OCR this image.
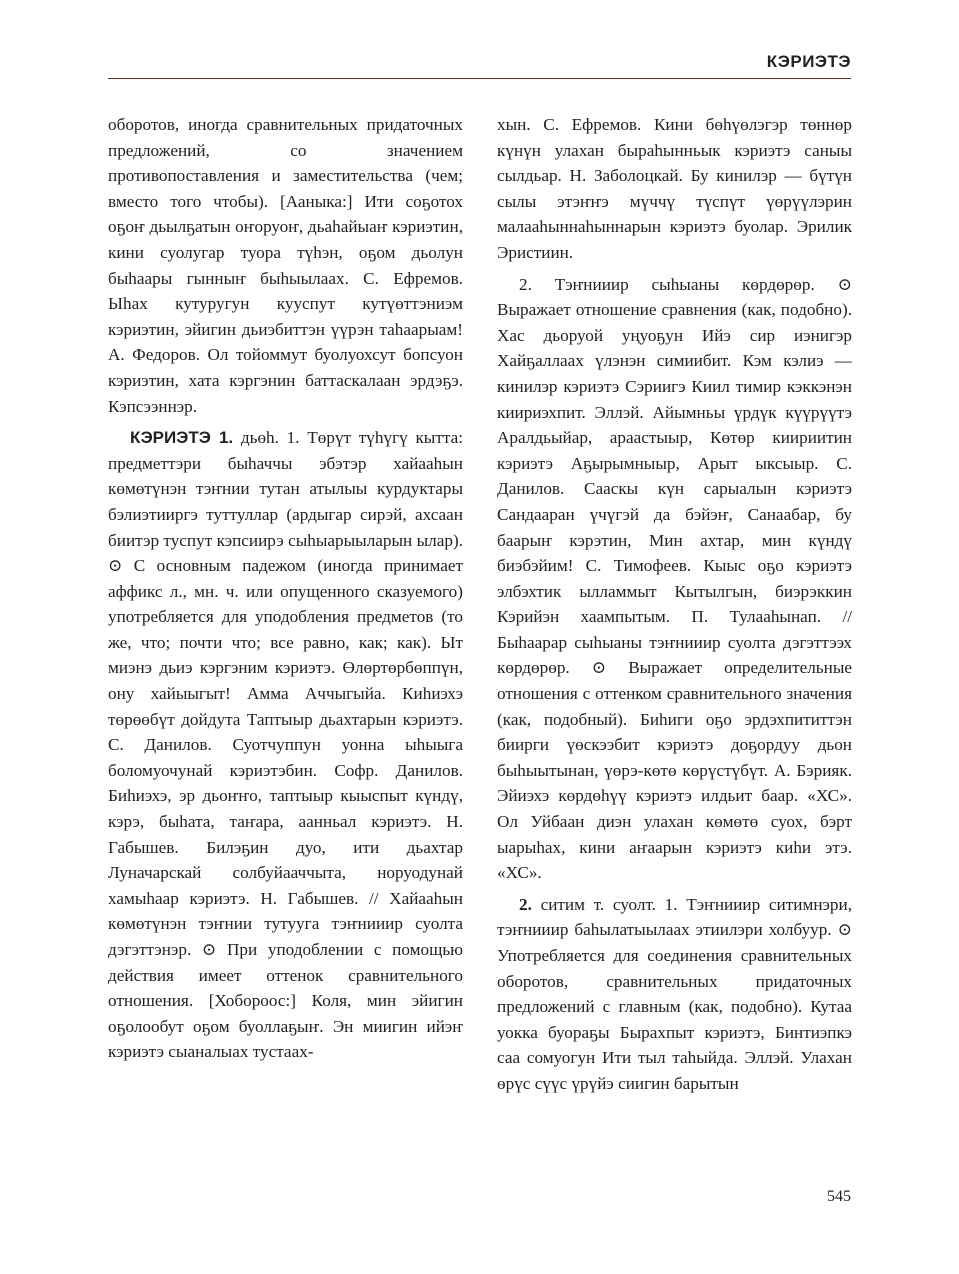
КЭРИЭТЭ

оборотов, иногда сравнительных придаточных предложений, со значением противопоставления и заместительства (чем; вместо того чтобы). [Ааныка:] Ити соҕотох оҕоҥ дьылҕатын оҥоруоҥ, дьаһайыаҥ кэриэтин, кини суолугар туора түһэн, оҕом дьолун быһаары гынныҥ быһыылаах. С. Ефремов. Ыһах кутуругун кууспут кутүөттэниэм кэриэтин, эйигин дьиэбиттэн үүрэн таһаарыам! А. Федоров. Ол тойоммут буолуохсут бопсуон кэриэтин, хата кэргэнин баттаскалаан эрдэҕэ. Кэпсээннэр.

КЭРИЭТЭ 1. дьөһ. 1. Төрүт түһүгү кытта: предметтэри быһаччы эбэтэр хайааһын көмөтүнэн тэҥнии тутан атылыы курдуктары бэлиэтииргэ туттуллар (ардыгар сирэй, ахсаан биитэр туспут кэпсиирэ сыһыарыыларын ылар). ⊙ С основным падежом (иногда принимает аффикс л., мн. ч. или опущенного сказуемого) употребляется для уподобления предметов (то же, что; почти что; все равно, как; как). Ыт миэнэ дьиэ кэргэним кэриэтэ. Өлөртөрбөппүн, ону хайыыгыт! Амма Аччыгыйа. Киһиэхэ төрөөбүт дойдута Таптыыр дьахтарын кэриэтэ. С. Данилов. Суотчуппун уонна ыһыыга боломуочунай кэриэтэбин. Софр. Данилов. Биһиэхэ, эр дьоҥҥо, таптыыр кыыспыт күндү, кэрэ, быһата, таҥара, аанньал кэриэтэ. Н. Габышев. Билэҕин дуо, ити дьахтар Луначарскай солбуйааччыта, норуодунай хамыһаар кэриэтэ. Н. Габышев. // Хайааһын көмөтүнэн тэҥнии тутууга тэҥнииир суолта дэгэттэнэр. ⊙ При уподоблении с помощью действия имеет оттенок сравнительного отношения. [Хобороос:] Коля, мин эйигин оҕолообут оҕом буоллаҕыҥ. Эн миигин ийэҥ кэриэтэ сыаналыах тустаах-

хын. С. Ефремов. Кини бөһүөлэгэр төннөр күнүн улахан быраһынньык кэриэтэ саныы сылдьар. Н. Заболоцкай. Бу кинилэр — бүтүн сылы этэҥҥэ мүччү түспүт үөрүүлэрин малааһыннаһыннарын кэриэтэ буолар. Эрилик Эристиин.

2. Тэҥнииир сыһыаны көрдөрөр. ⊙ Выражает отношение сравнения (как, подобно). Хас дьоруой уңуоҕун Ийэ сир иэнигэр Хайҕаллаах үлэнэн симиибит. Кэм кэлиэ — кинилэр кэриэтэ Сэриигэ Киил тимир кэккэнэн киириэхпит. Эллэй. Айымньы үрдүк күүрүүтэ Аралдьыйар, араастыыр, Көтөр киириитин кэриэтэ Аҕырымныыр, Арыт ыксыыр. С. Данилов. Сааскы күн сарыалын кэриэтэ Сандааран үчүгэй да бэйэҥ, Санаабар, бу баарыҥ кэрэтин, Мин ахтар, мин күндү биэбэйим! С. Тимофеев. Кыыс оҕо кэриэтэ элбэхтик ылламмыт Кытылгын, биэрэккин Кэрийэн хаампытым. П. Тулааһынап. // Быһаарар сыһыаны тэҥнииир суолта дэгэттээх көрдөрөр. ⊙ Выражает определительные отношения с оттенком сравнительного значения (как, подобный). Биһиги оҕо эрдэхпититтэн биирги үөскээбит кэриэтэ доҕордуу дьон быһыытынан, үөрэ-көтө көрүстүбүт. А. Бэрияк. Эйиэхэ көрдөһүү кэриэтэ илдьит баар. «ХС». Ол Уйбаан диэн улахан көмөтө суох, бэрт ыарыһах, кини аҥаарын кэриэтэ киһи этэ. «ХС».

2. ситим т. суолт. 1. Тэҥнииир ситимнэри, тэҥнииир баһылатыылаах этиилэри холбуур. ⊙ Употребляется для соединения сравнительных оборотов, сравнительных придаточных предложений с главным (как, подобно). Кутаа уокка буораҕы Бырахпыт кэриэтэ, Бинтиэпкэ саа сомуогун Ити тыл таһыйда. Эллэй. Улахан өрүс сүүс үрүйэ сиигин барытын

545
